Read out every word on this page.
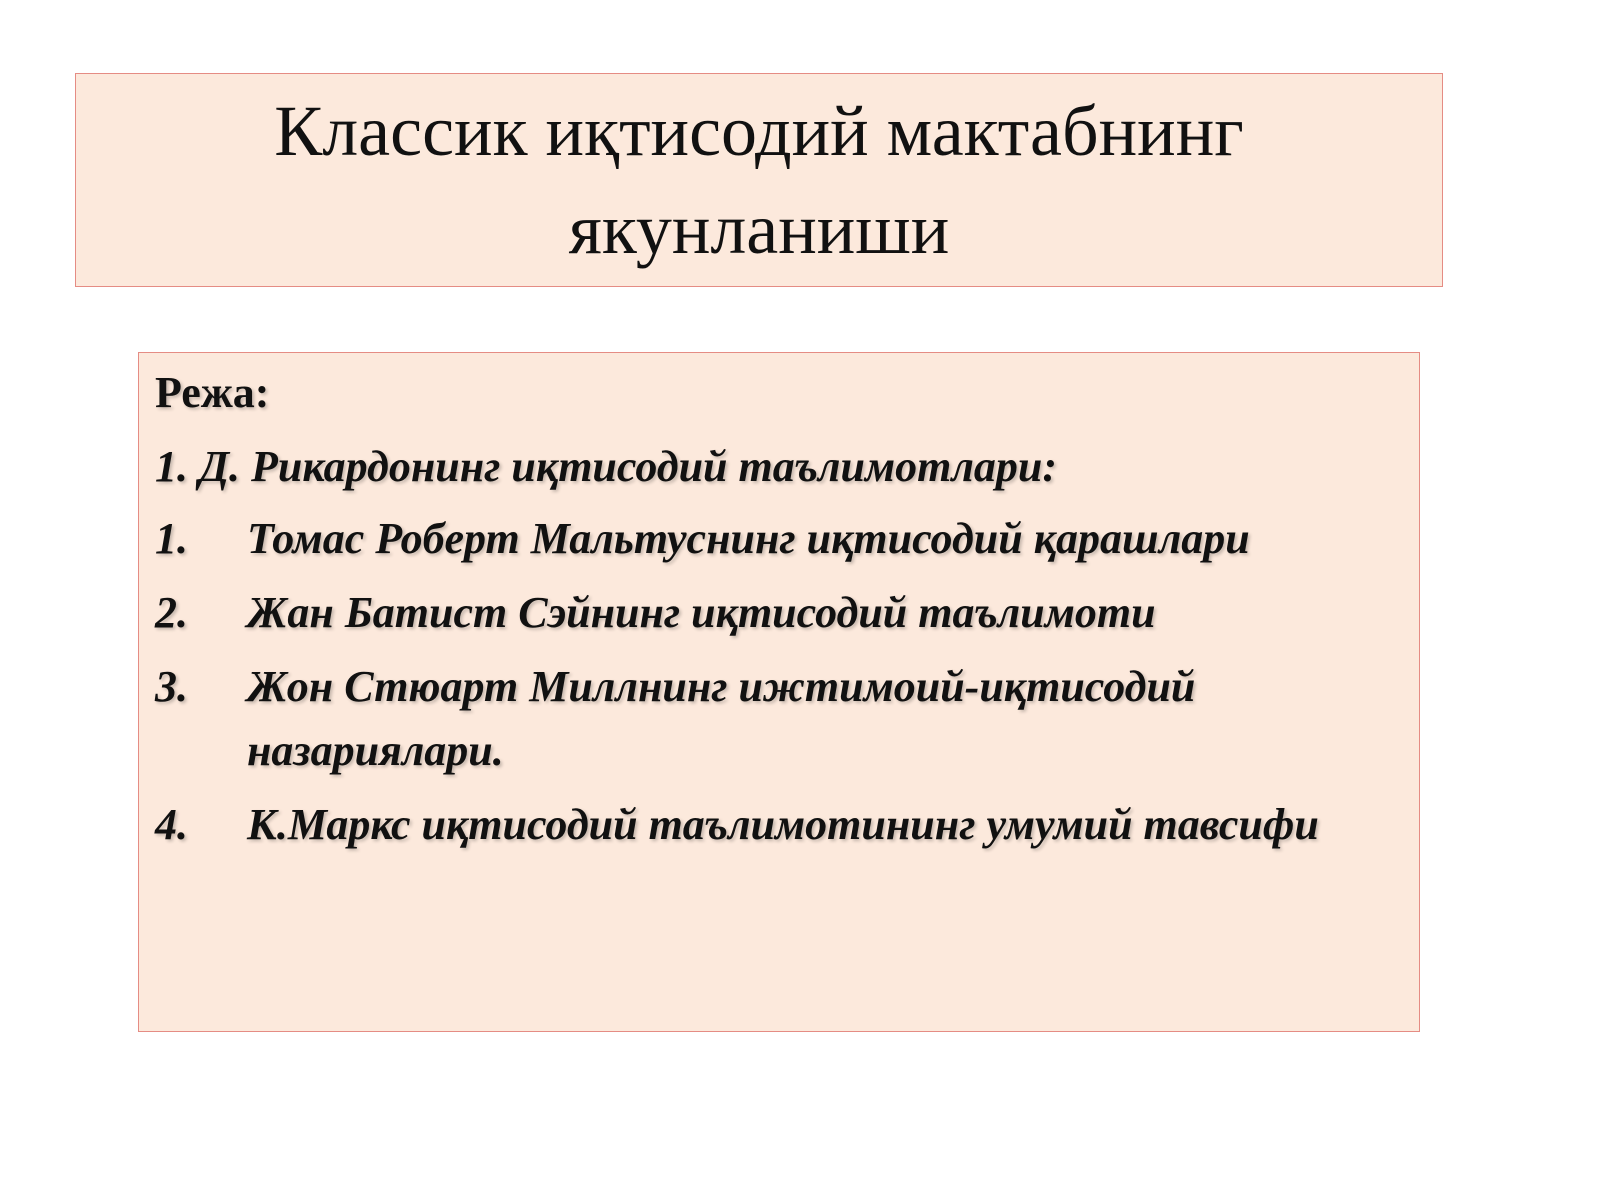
Классик иқтисодий мактабнинг
якунланиши
Режа:
1. Д. Рикардонинг иқтисодий таълимотлари:
1.	Томас Роберт Мальтуснинг иқтисодий қарашлари
2.	Жан Батист Сэйнинг иқтисодий таълимоти
3.	Жон Стюарт Миллнинг ижтимоий-иқтисодий назариялари.
4.	К.Маркс иқтисодий таълимотининг умумий тавсифи
